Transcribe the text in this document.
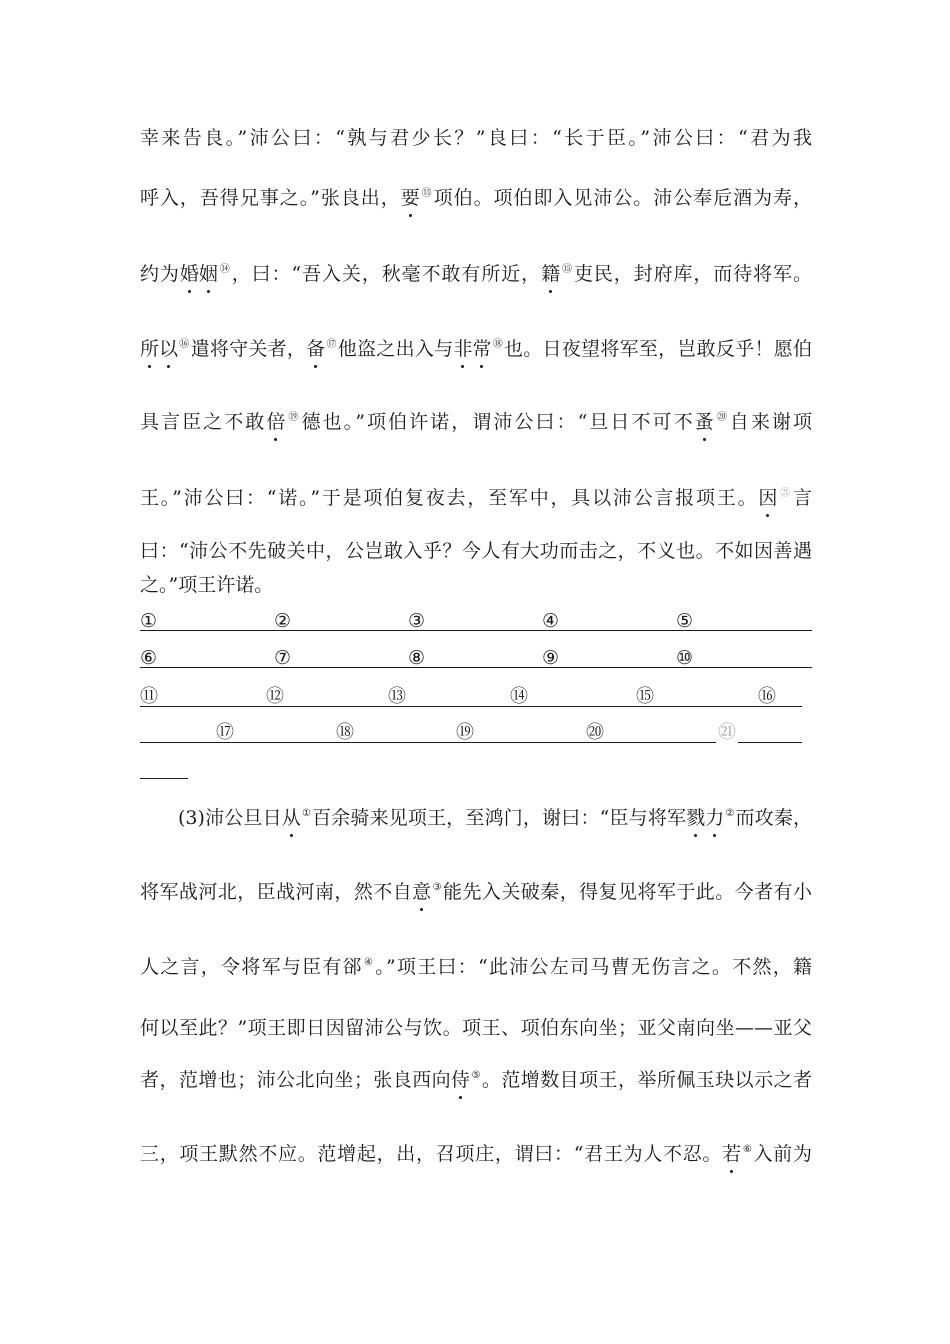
幸来告良。”沛公曰：“孰与君少长？”良曰：“长于臣。”沛公曰：“君为我
呼入，吾得兄事之。”张良出，要⑬项伯。项伯即入见沛公。沛公奉卮酒为寿，
约为婚姻⑭，曰：“吾入关，秋毫不敢有所近，籍⑮吏民，封府库，而待将军。
所以⑯遣将守关者，备⑰他盗之出入与非常⑱也。日夜望将军至，岂敢反乎！愿伯
具言臣之不敢倍⑲德也。”项伯许诺，谓沛公曰：“旦日不可不蚤⑳自来谢项
王。”沛公曰：“诺。”于是项伯复夜去，至军中，具以沛公言报项王。因$^㉑$言
曰：“沛公不先破关中，公岂敢入乎？今人有大功而击之，不义也。不如因善遇
之。”项王许诺。
①	②	③	④	⑤
⑥	⑦	⑧	⑨	⑩
⑪	⑫	⑬	⑭	⑮	⑯
⑰	⑱	⑲	⑳	㉑
(3)沛公旦日从①百余骑来见项王，至鸿门，谢曰：“臣与将军戮力②而攻秦，
将军战河北，臣战河南，然不自意③能先入关破秦，得复见将军于此。今者有小
人之言，令将军与臣有郤④。”项王曰：“此沛公左司马曹无伤言之。不然，籍
何以至此？”项王即日因留沛公与饮。项王、项伯东向坐；亚父南向坐——亚父
者，范增也；沛公北向坐；张良西向侍⑤。范增数目项王，举所佩玉玦以示之者
三，项王默然不应。范增起，出，召项庄，谓曰：“君王为人不忍。若⑥入前为
